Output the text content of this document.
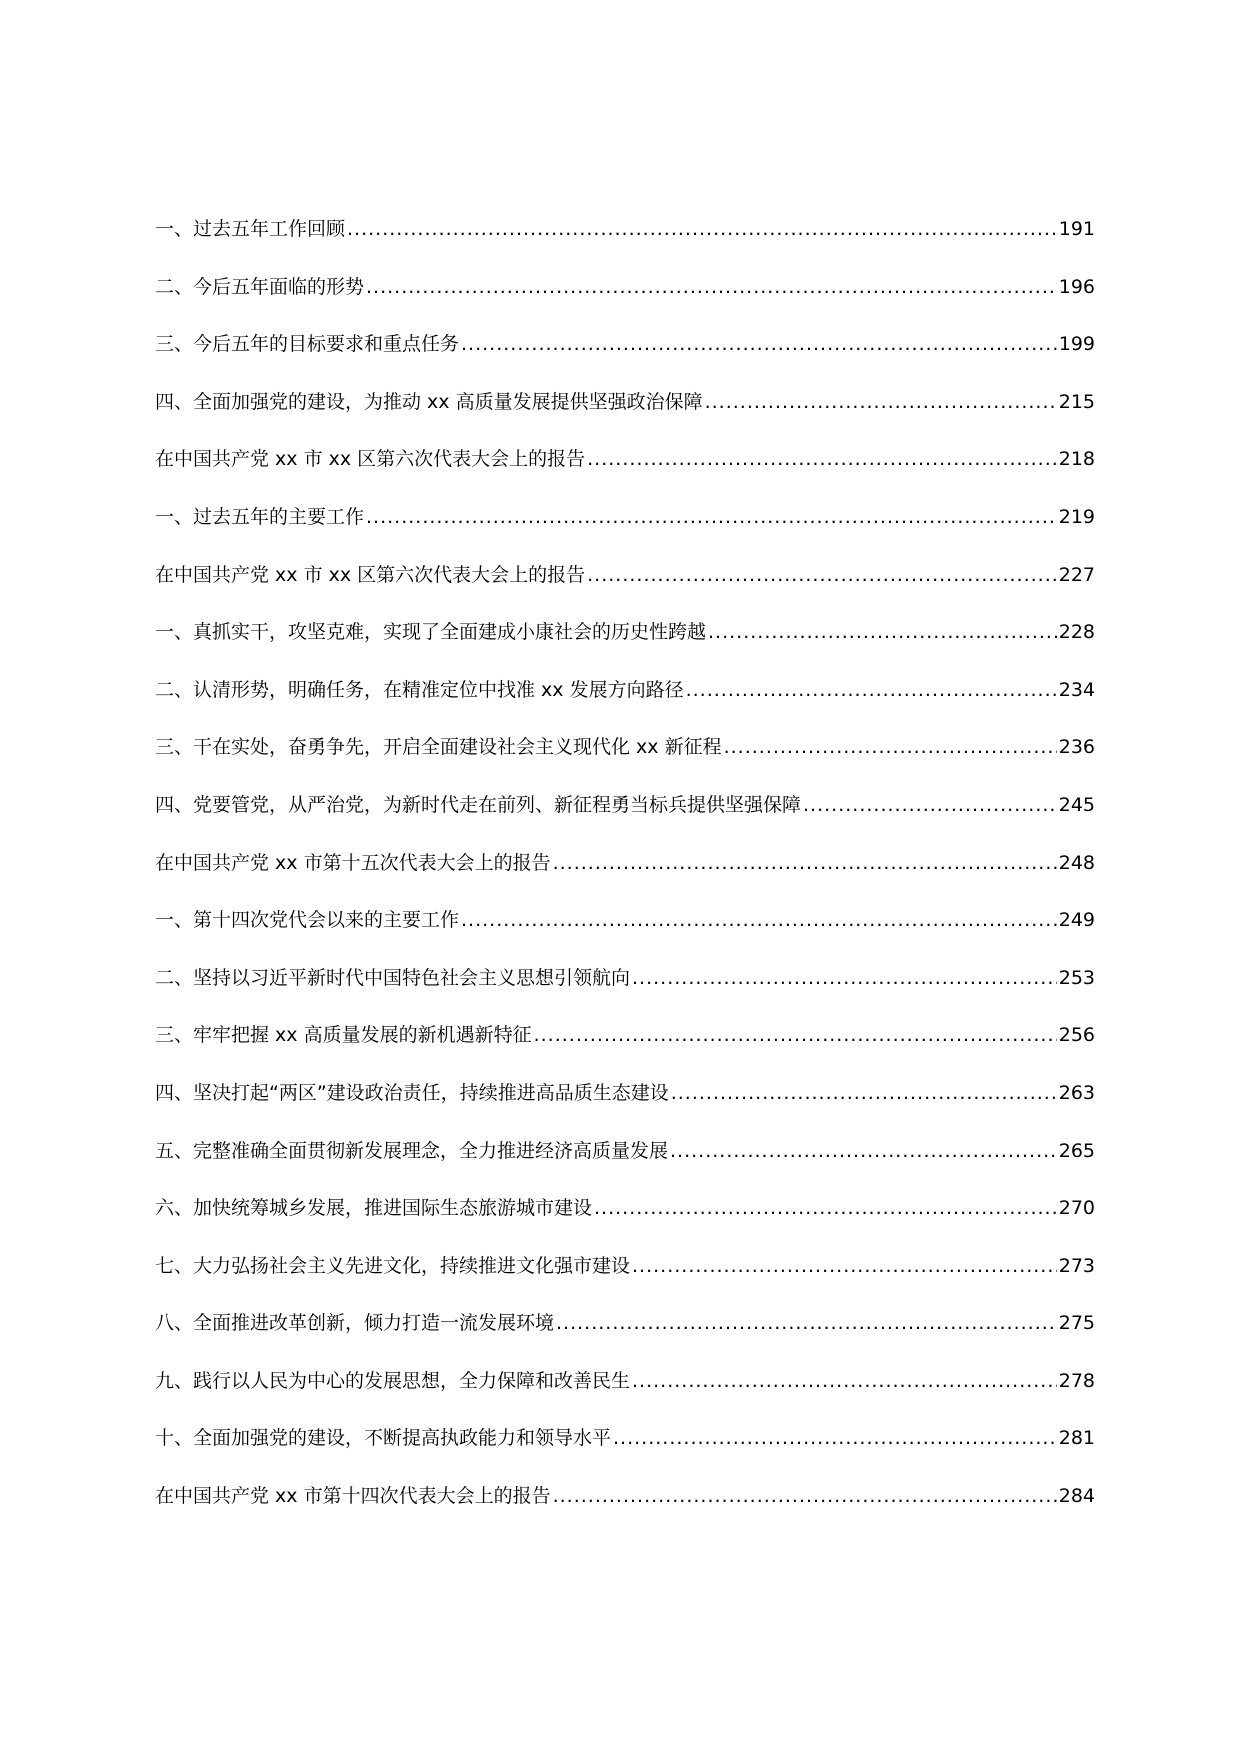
一、过去五年工作回顾 .....	191
二、今后五年面临的形势 .....	196
三、今后五年的目标要求和重点任务 .....	199
四、全面加强党的建设，为推动 xx 高质量发展提供坚强政治保障 .....	215
在中国共产党 xx 市 xx 区第六次代表大会上的报告 .....	218
一、过去五年的主要工作 .....	219
在中国共产党 xx 市 xx 区第六次代表大会上的报告 .....	227
一、真抓实干，攻坚克难，实现了全面建成小康社会的历史性跨越 .....	228
二、认清形势，明确任务，在精准定位中找准 xx 发展方向路径 .....	234
三、干在实处，奋勇争先，开启全面建设社会主义现代化 xx 新征程 .....	236
四、党要管党，从严治党，为新时代走在前列、新征程勇当标兵提供坚强保障 .....	245
在中国共产党 xx 市第十五次代表大会上的报告 .....	248
一、第十四次党代会以来的主要工作 .....	249
二、坚持以习近平新时代中国特色社会主义思想引领航向 .....	253
三、牢牢把握 xx 高质量发展的新机遇新特征 .....	256
四、坚决打起“两区”建设政治责任，持续推进高品质生态建设 .....	263
五、完整准确全面贯彻新发展理念，全力推进经济高质量发展 .....	265
六、加快统筹城乡发展，推进国际生态旅游城市建设 .....	270
七、大力弘扬社会主义先进文化，持续推进文化强市建设 .....	273
八、全面推进改革创新，倾力打造一流发展环境 .....	275
九、践行以人民为中心的发展思想，全力保障和改善民生 .....	278
十、全面加强党的建设，不断提高执政能力和领导水平 .....	281
在中国共产党 xx 市第十四次代表大会上的报告 .....	284
